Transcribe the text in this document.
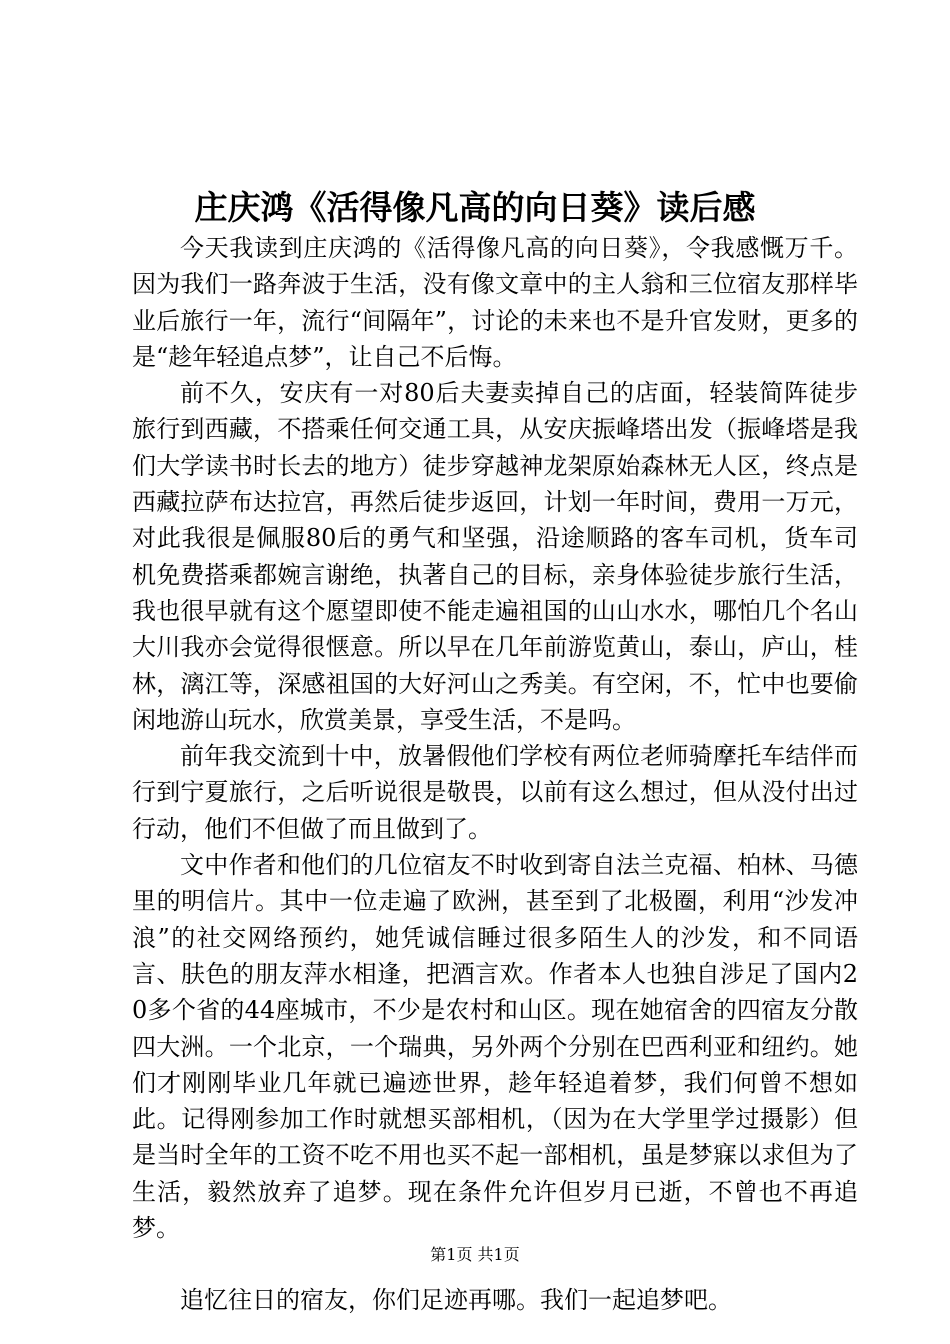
庄庆鸿《活得像凡高的向日葵》读后感

今天我读到庄庆鸿的《活得像凡高的向日葵》，令我感慨万千。因为我们一路奔波于生活，没有像文章中的主人翁和三位宿友那样毕业后旅行一年，流行“间隔年”，讨论的未来也不是升官发财，更多的是“趁年轻追点梦”，让自己不后悔。

前不久，安庆有一对80后夫妻卖掉自己的店面，轻装简阵徒步旅行到西藏，不搭乘任何交通工具，从安庆振峰塔出发（振峰塔是我们大学读书时长去的地方）徒步穿越神龙架原始森林无人区，终点是西藏拉萨布达拉宫，再然后徒步返回，计划一年时间，费用一万元，对此我很是佩服80后的勇气和坚强，沿途顺路的客车司机，货车司机免费搭乘都婉言谢绝，执著自己的目标，亲身体验徒步旅行生活，我也很早就有这个愿望即使不能走遍祖国的山山水水，哪怕几个名山大川我亦会觉得很惬意。所以早在几年前游览黄山，泰山，庐山，桂林，漓江等，深感祖国的大好河山之秀美。有空闲，不，忙中也要偷闲地游山玩水，欣赏美景，享受生活，不是吗。

前年我交流到十中，放暑假他们学校有两位老师骑摩托车结伴而行到宁夏旅行，之后听说很是敬畏，以前有这么想过，但从没付出过行动，他们不但做了而且做到了。

文中作者和他们的几位宿友不时收到寄自法兰克福、柏林、马德里的明信片。其中一位走遍了欧洲，甚至到了北极圈，利用“沙发冲浪”的社交网络预约，她凭诚信睡过很多陌生人的沙发，和不同语言、肤色的朋友萍水相逢，把酒言欢。作者本人也独自涉足了国内20多个省的44座城市，不少是农村和山区。现在她宿舍的四宿友分散四大洲。一个北京，一个瑞典，另外两个分别在巴西利亚和纽约。她们才刚刚毕业几年就已遍迹世界，趁年轻追着梦，我们何曾不想如此。记得刚参加工作时就想买部相机，（因为在大学里学过摄影）但是当时全年的工资不吃不用也买不起一部相机，虽是梦寐以求但为了生活，毅然放弃了追梦。现在条件允许但岁月已逝，不曾也不再追梦。

追忆往日的宿友，你们足迹再哪。我们一起追梦吧。

第1页 共1页
